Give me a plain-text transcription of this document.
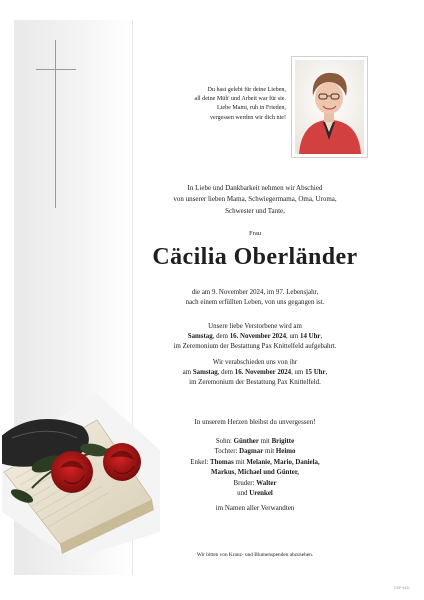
Du hast gelebt für deine Lieben,
all deine Müh' und Arbeit war für sie.
Liebe Mami, ruh in Frieden,
vergessen werden wir dich nie!
In Liebe und Dankbarkeit nehmen wir Abschied
von unserer lieben Mama, Schwiegermama, Oma, Uroma,
Schwester und Tante,
Frau
Cäcilia Oberländer
die am 9. November 2024, im 97. Lebensjahr,
nach einem erfüllten Leben, von uns gegangen ist.
Unsere liebe Verstorbene wird am
Samstag, dem 16. November 2024, um 14 Uhr,
im Zeremonium der Bestattung Pax Knittelfeld aufgebahrt.
Wir verabschieden uns von ihr
am Samstag, dem 16. November 2024, um 15 Uhr,
im Zeremonium der Bestattung Pax Knittelfeld.
In unserem Herzen bleibst du unvergessen!
Sohn: Günther mit Brigitte
Tochter: Dagmar mit Heimo
Enkel: Thomas mit Melanie, Mario, Daniela,
Markus, Michael und Günter,
Bruder: Walter
und Urenkel
im Namen aller Verwandten
Wir bitten von Kranz- und Blumenspenden abzusehen.
DSP 9431
